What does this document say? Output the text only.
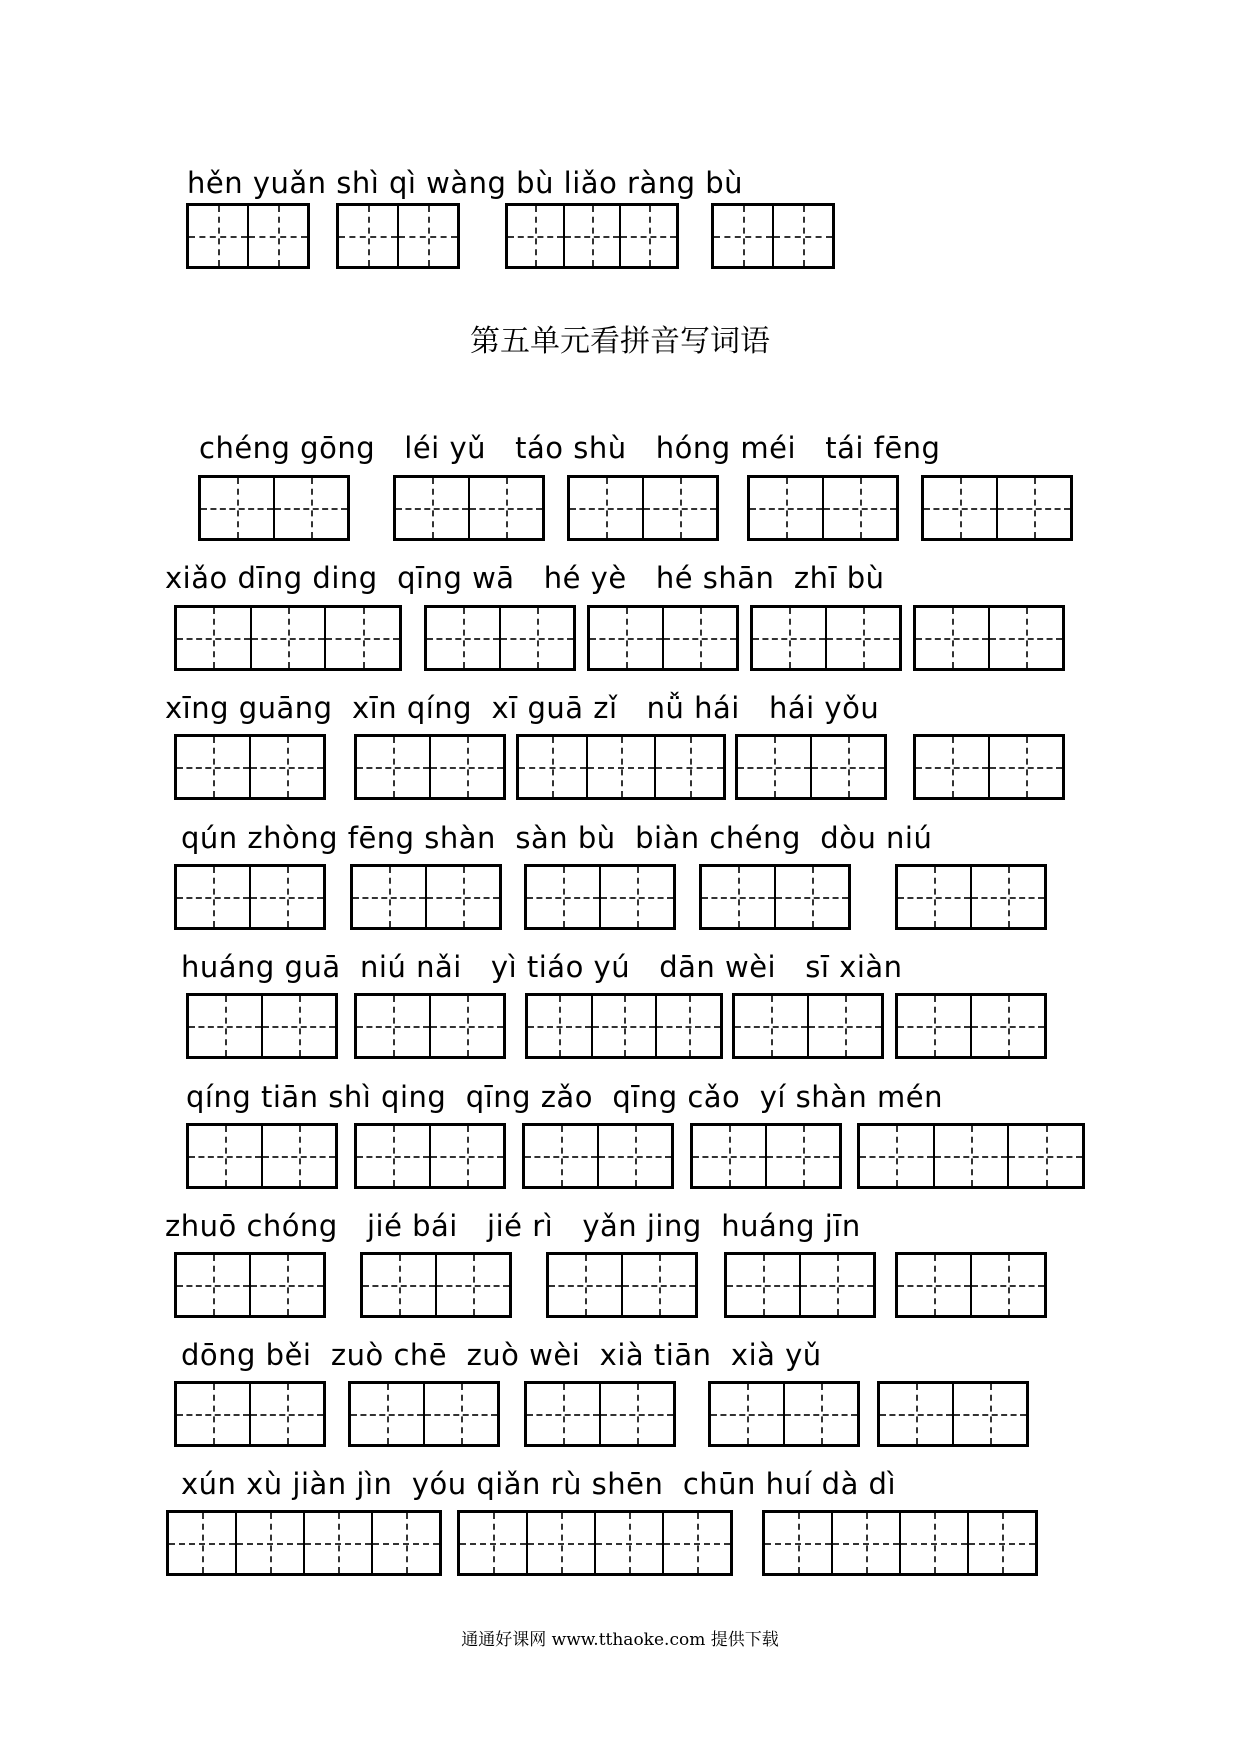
hěn yuǎn shì qì wàng bù liǎo ràng bù
第五单元看拼音写词语
chéng gōng   léi yǔ   táo shù   hóng méi   tái fēng
xiǎo dīng ding  qīng wā   hé yè   hé shān  zhī bù
xīng guāng  xīn qíng  xī guā zǐ   nǚ hái   hái yǒu
qún zhòng fēng shàn  sàn bù  biàn chéng  dòu niú
huáng guā  niú nǎi   yì tiáo yú   dān wèi   sī xiàn
qíng tiān shì qing  qīng zǎo  qīng cǎo  yí shàn mén
zhuō chóng   jié bái   jié rì   yǎn jing  huáng jīn
dōng běi  zuò chē  zuò wèi  xià tiān  xià yǔ
xún xù jiàn jìn  yóu qiǎn rù shēn  chūn huí dà dì
通通好课网 www.tthaoke.com 提供下载
